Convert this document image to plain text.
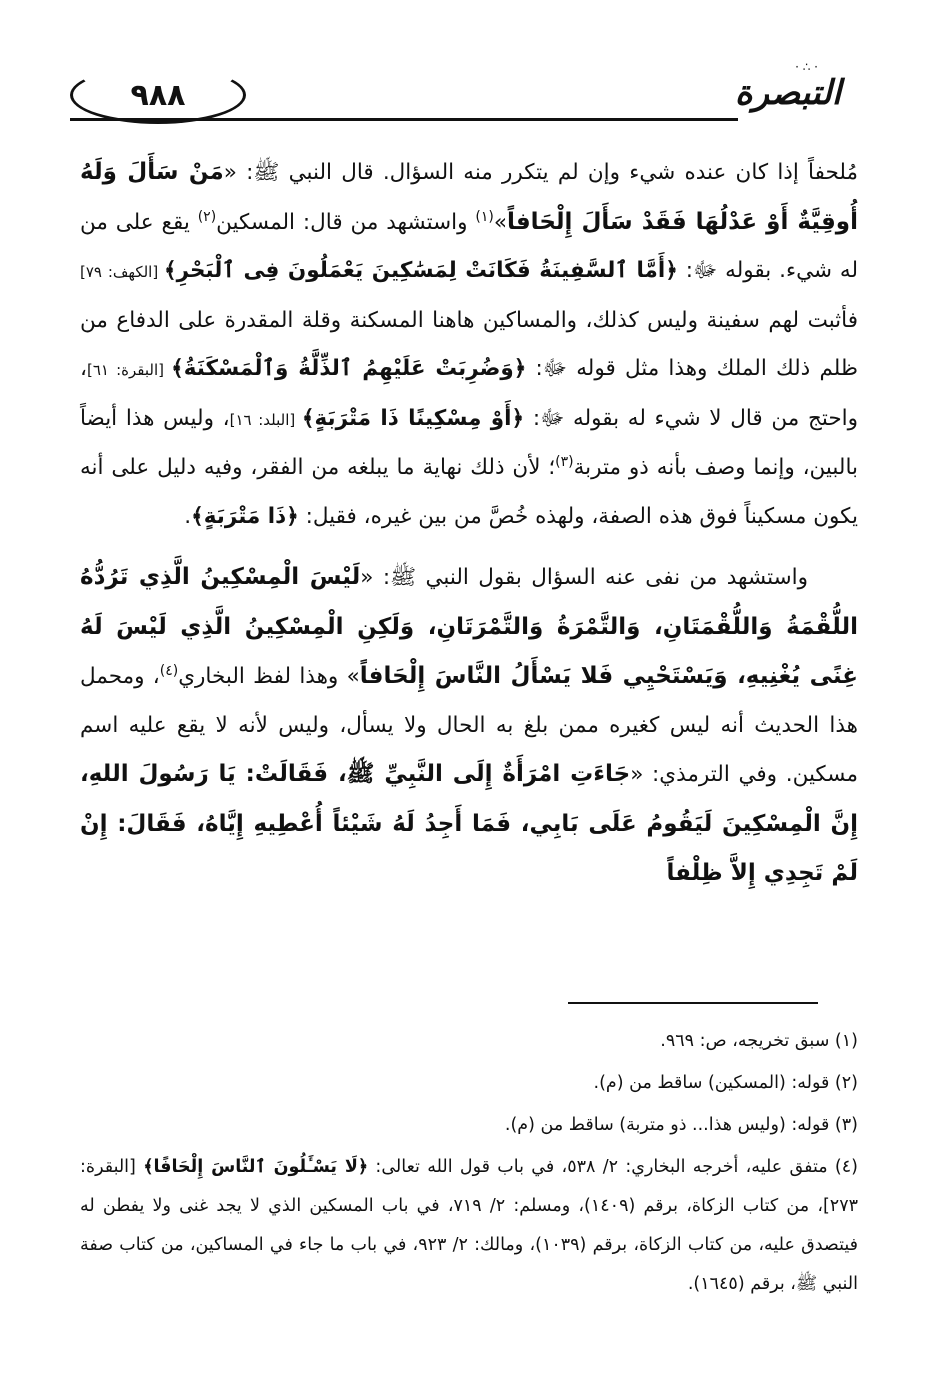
٩٨٨	التبصرة
· ∴ ·

مُلحفاً إذا كان عنده شيء وإن لم يتكرر منه السؤال. قال النبي ﷺ: «مَنْ سَأَلَ وَلَهُ أُوقِيَّةٌ أَوْ عَدْلُهَا فَقَدْ سَأَلَ إِلْحَافاً»$^{(١)}$ واستشهد من قال: المسكين$^{(٢)}$ يقع على من له شيء. بقوله ﷻ: ﴿أَمَّا ٱلسَّفِينَةُ فَكَانَتْ لِمَسَٰكِينَ يَعْمَلُونَ فِى ٱلْبَحْرِ﴾ [الكهف: ٧٩] فأثبت لهم سفينة وليس كذلك، والمساكين هاهنا المسكنة وقلة المقدرة على الدفاع من ظلم ذلك الملك وهذا مثل قوله ﷻ: ﴿وَضُرِبَتْ عَلَيْهِمُ ٱلذِّلَّةُ وَٱلْمَسْكَنَةُ﴾ [البقرة: ٦١]، واحتج من قال لا شيء له بقوله ﷻ: ﴿أَوْ مِسْكِينًا ذَا مَتْرَبَةٍ﴾ [البلد: ١٦]، وليس هذا أيضاً بالبين، وإنما وصف بأنه ذو متربة$^{(٣)}$؛ لأن ذلك نهاية ما يبلغه من الفقر، وفيه دليل على أنه يكون مسكيناً فوق هذه الصفة، ولهذه خُصَّ من بين غيره، فقيل: ﴿ذَا مَتْرَبَةٍ﴾.

واستشهد من نفى عنه السؤال بقول النبي ﷺ: «لَيْسَ الْمِسْكِينُ الَّذِي تَرُدُّهُ اللُّقْمَةُ وَاللُّقْمَتَانِ، وَالتَّمْرَةُ وَالتَّمْرَتَانِ، وَلَكِنِ الْمِسْكِينُ الَّذِي لَيْسَ لَهُ غِنًى يُغْنِيهِ، وَيَسْتَحْيِي فَلا يَسْأَلُ النَّاسَ إِلْحَافاً» وهذا لفظ البخاري$^{(٤)}$، ومحمل هذا الحديث أنه ليس كغيره ممن بلغ به الحال ولا يسأل، وليس لأنه لا يقع عليه اسم مسكين. وفي الترمذي: «جَاءَتِ امْرَأَةٌ إِلَى النَّبِيِّ ﷺ، فَقَالَتْ: يَا رَسُولَ اللهِ، إِنَّ الْمِسْكِينَ لَيَقُومُ عَلَى بَابِي، فَمَا أَجِدُ لَهُ شَيْئاً أُعْطِيهِ إِيَّاهُ، فَقَالَ: إِنْ لَمْ تَجِدِي إِلاَّ ظِلْفاً

(١) سبق تخريجه، ص: ٩٦٩.

(٢) قوله: (المسكين) ساقط من (م).

(٣) قوله: (وليس هذا... ذو متربة) ساقط من (م).

(٤) متفق عليه، أخرجه البخاري: ٢/ ٥٣٨، في باب قول الله تعالى: ﴿لَا يَسْـَٔلُونَ ٱلنَّاسَ إِلْحَافًا﴾ [البقرة: ٢٧٣]، من كتاب الزكاة، برقم (١٤٠٩)، ومسلم: ٢/ ٧١٩، في باب المسكين الذي لا يجد غنى ولا يفطن له فيتصدق عليه، من كتاب الزكاة، برقم (١٠٣٩)، ومالك: ٢/ ٩٢٣، في باب ما جاء في المساكين، من كتاب صفة النبي ﷺ، برقم (١٦٤٥).
